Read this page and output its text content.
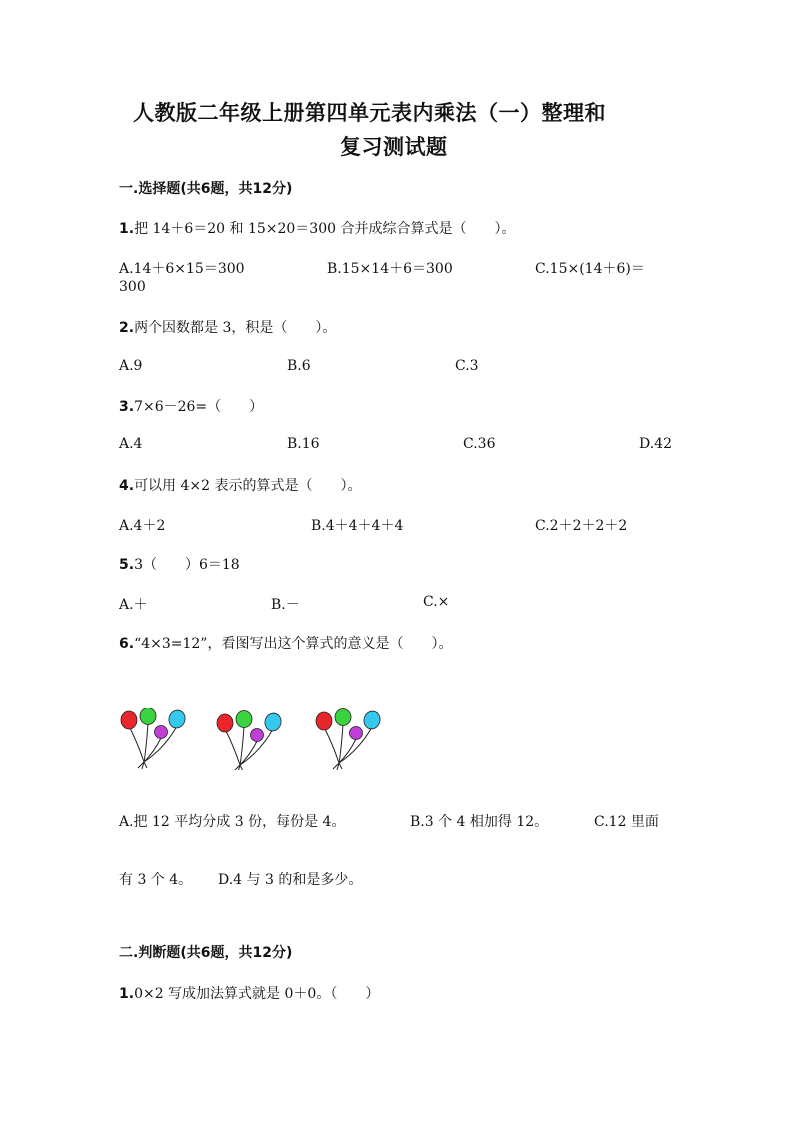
人教版二年级上册第四单元表内乘法（一）整理和
复习测试题
一.选择题(共6题，共12分)
1.把 14＋6＝20 和 15×20＝300 合并成综合算式是（　　）。
A.14＋6×15＝300	B.15×14＋6＝300	C.15×(14＋6)＝
300
2.两个因数都是 3，积是（　　）。
A.9	B.6	C.3
3.7×6－26=（　　）
A.4	B.16	C.36	D.42
4.可以用 4×2 表示的算式是（　　）。
A.4＋2	B.4＋4＋4＋4	C.2＋2＋2＋2
5.3（　　）6＝18
A.＋	B.－	C.×
6.“4×3=12”，看图写出这个算式的意义是（　　）。
A.把 12 平均分成 3 份，每份是 4。	B.3 个 4 相加得 12。	C.12 里面
有 3 个 4。 D.4 与 3 的和是多少。
二.判断题(共6题，共12分)
1.0×2 写成加法算式就是 0＋0。（　　）
